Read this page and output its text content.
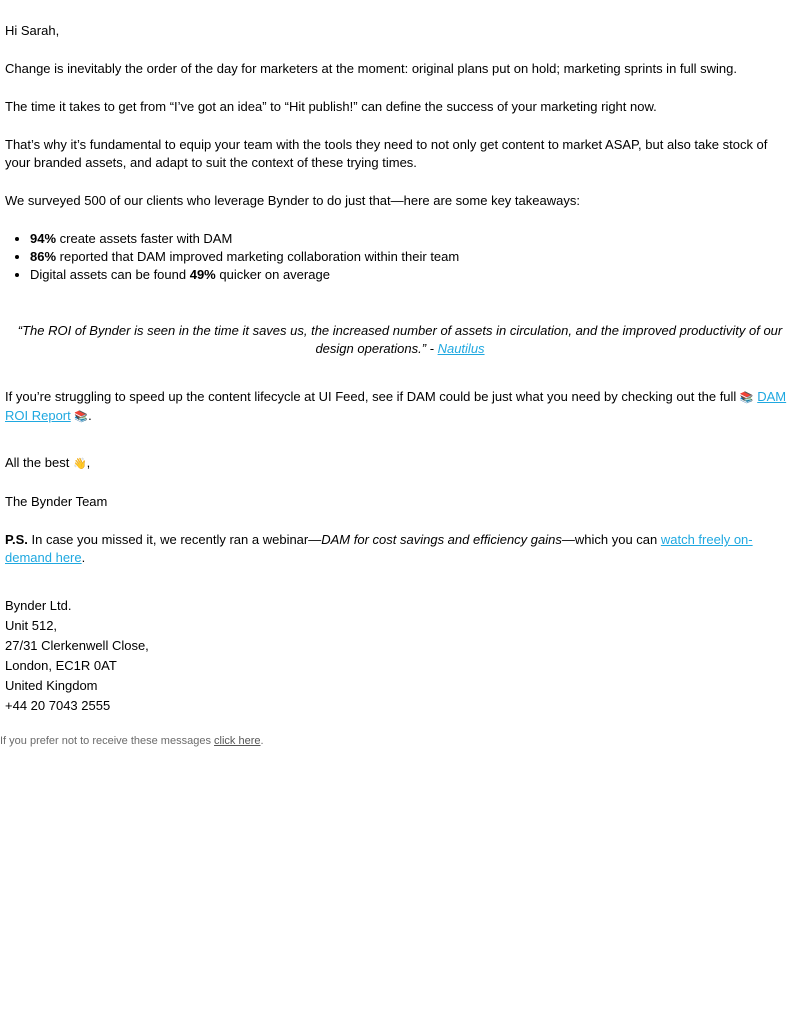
Hi Sarah,

Change is inevitably the order of the day for marketers at the moment: original plans put on hold; marketing sprints in full swing.

The time it takes to get from “I’ve got an idea” to “Hit publish!” can define the success of your marketing right now.

That’s why it’s fundamental to equip your team with the tools they need to not only get content to market ASAP, but also take stock of your branded assets, and adapt to suit the context of these trying times.

We surveyed 500 of our clients who leverage Bynder to do just that—here are some key takeaways:

• 94% create assets faster with DAM
• 86% reported that DAM improved marketing collaboration within their team
• Digital assets can be found 49% quicker on average

“The ROI of Bynder is seen in the time it saves us, the increased number of assets in circulation, and the improved productivity of our design operations.” - Nautilus

If you’re struggling to speed up the content lifecycle at UI Feed, see if DAM could be just what you need by checking out the full 📚 DAM ROI Report 📚.

All the best 👋,

The Bynder Team

P.S. In case you missed it, we recently ran a webinar—DAM for cost savings and efficiency gains—which you can watch freely on-demand here.

Bynder Ltd.

Unit 512,

27/31 Clerkenwell Close,

London, EC1R 0AT

United Kingdom

+44 20 7043 2555

If you prefer not to receive these messages click here.
